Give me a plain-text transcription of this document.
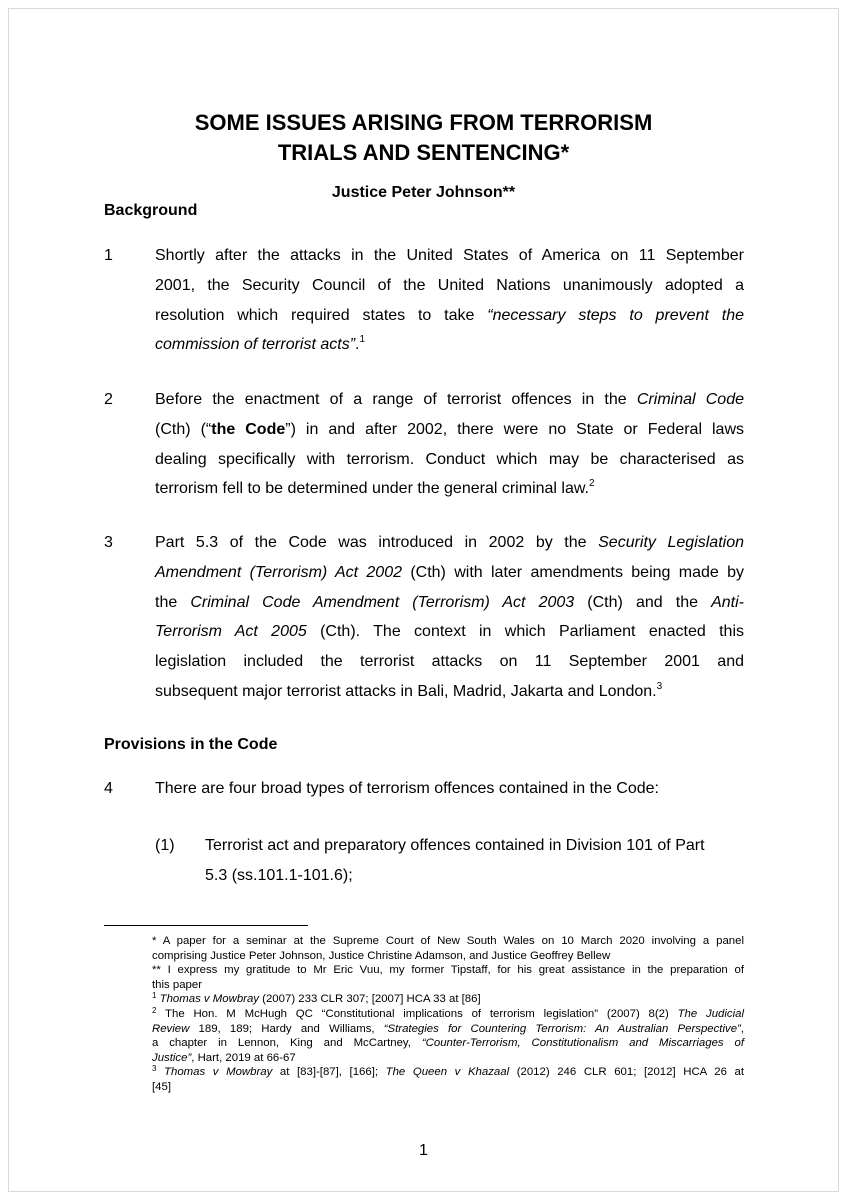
SOME ISSUES ARISING FROM TERRORISM
TRIALS AND SENTENCING*
Justice Peter Johnson**
Background
1	Shortly after the attacks in the United States of America on 11 September
2001, the Security Council of the United Nations unanimously adopted a
resolution which required states to take “necessary steps to prevent the
commission of terrorist acts”.$^1$
2	Before the enactment of a range of terrorist offences in the Criminal Code
(Cth) (“the Code”) in and after 2002, there were no State or Federal laws
dealing specifically with terrorism. Conduct which may be characterised as
terrorism fell to be determined under the general criminal law.$^2$
3	Part 5.3 of the Code was introduced in 2002 by the Security Legislation
Amendment (Terrorism) Act 2002 (Cth) with later amendments being made by
the Criminal Code Amendment (Terrorism) Act 2003 (Cth) and the Anti-
Terrorism Act 2005 (Cth). The context in which Parliament enacted this
legislation included the terrorist attacks on 11 September 2001 and
subsequent major terrorist attacks in Bali, Madrid, Jakarta and London.$^3$
Provisions in the Code
4	There are four broad types of terrorism offences contained in the Code:
(1) Terrorist act and preparatory offences contained in Division 101 of Part
5.3 (ss.101.1-101.6);
* A paper for a seminar at the Supreme Court of New South Wales on 10 March 2020 involving a panel
comprising Justice Peter Johnson, Justice Christine Adamson, and Justice Geoffrey Bellew
** I express my gratitude to Mr Eric Vuu, my former Tipstaff, for his great assistance in the preparation of
this paper
$^1$ Thomas v Mowbray (2007) 233 CLR 307; [2007] HCA 33 at [86]
$^2$ The Hon. M McHugh QC “Constitutional implications of terrorism legislation” (2007) 8(2) The Judicial
Review 189, 189; Hardy and Williams, “Strategies for Countering Terrorism: An Australian Perspective”,
a chapter in Lennon, King and McCartney, “Counter-Terrorism, Constitutionalism and Miscarriages of
Justice”, Hart, 2019 at 66-67
$^3$ Thomas v Mowbray at [83]-[87], [166]; The Queen v Khazaal (2012) 246 CLR 601; [2012] HCA 26 at
[45]
1
